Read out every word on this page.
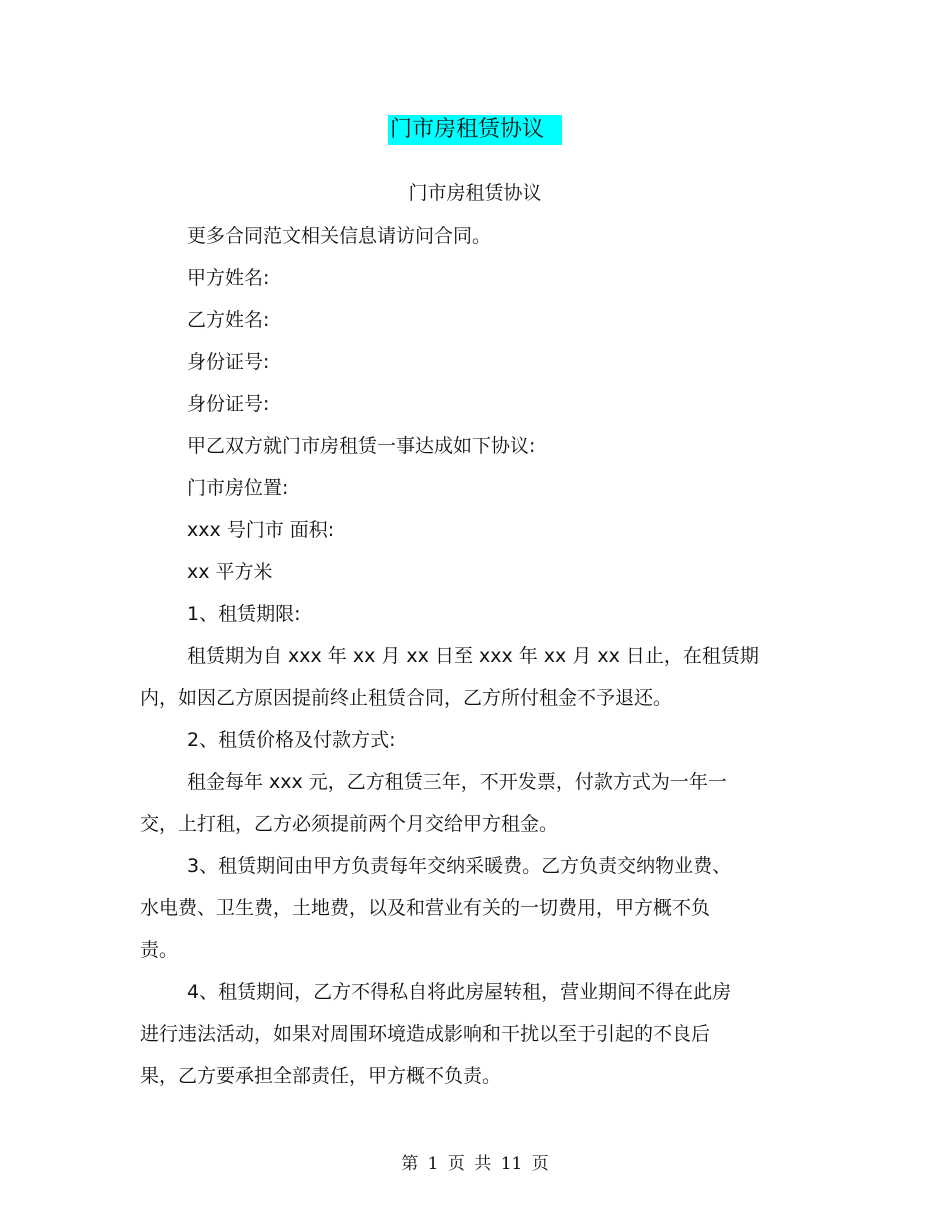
门市房租赁协议
门市房租赁协议
更多合同范文相关信息请访问合同。
甲方姓名:
乙方姓名:
身份证号:
身份证号:
甲乙双方就门市房租赁一事达成如下协议:
门市房位置:
xxx 号门市 面积:
xx 平方米
1、租赁期限:
租赁期为自 xxx 年 xx 月 xx 日至 xxx 年 xx 月 xx 日止，在租赁期
内，如因乙方原因提前终止租赁合同，乙方所付租金不予退还。
2、租赁价格及付款方式:
租金每年 xxx 元，乙方租赁三年，不开发票，付款方式为一年一
交，上打租，乙方必须提前两个月交给甲方租金。
3、租赁期间由甲方负责每年交纳采暖费。乙方负责交纳物业费、
水电费、卫生费，土地费，以及和营业有关的一切费用，甲方概不负
责。
4、租赁期间，乙方不得私自将此房屋转租，营业期间不得在此房
进行违法活动，如果对周围环境造成影响和干扰以至于引起的不良后
果，乙方要承担全部责任，甲方概不负责。
第 1 页 共 11 页
